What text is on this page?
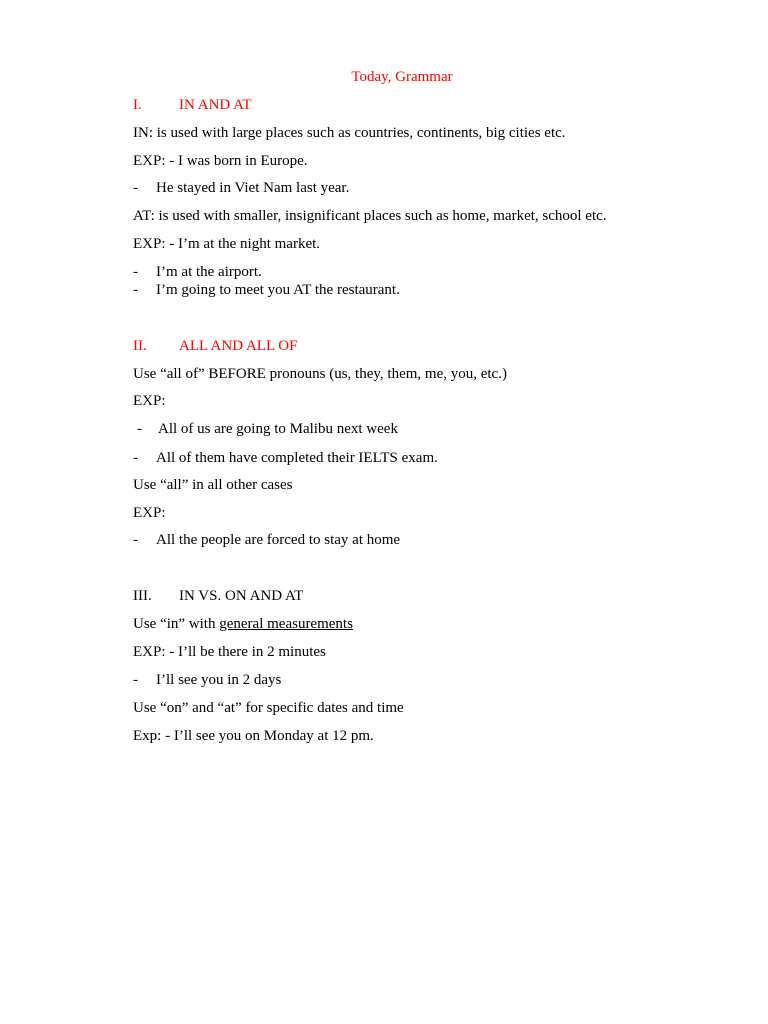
Today, Grammar
I. IN AND AT
IN: is used with large places such as countries, continents, big cities etc.
EXP: - I was born in Europe.
- He stayed in Viet Nam last year.
AT: is used with smaller, insignificant places such as home, market, school etc.
EXP: - I’m at the night market.
- I’m at the airport.
- I’m going to meet you AT the restaurant.
II. ALL AND ALL OF
Use “all of” BEFORE pronouns (us, they, them, me, you, etc.)
EXP:
- All of us are going to Malibu next week
- All of them have completed their IELTS exam.
Use “all” in all other cases
EXP:
- All the people are forced to stay at home
III. IN VS. ON AND AT
Use “in” with general measurements
EXP: - I’ll be there in 2 minutes
- I’ll see you in 2 days
Use “on” and “at” for specific dates and time
Exp: - I’ll see you on Monday at 12 pm.
